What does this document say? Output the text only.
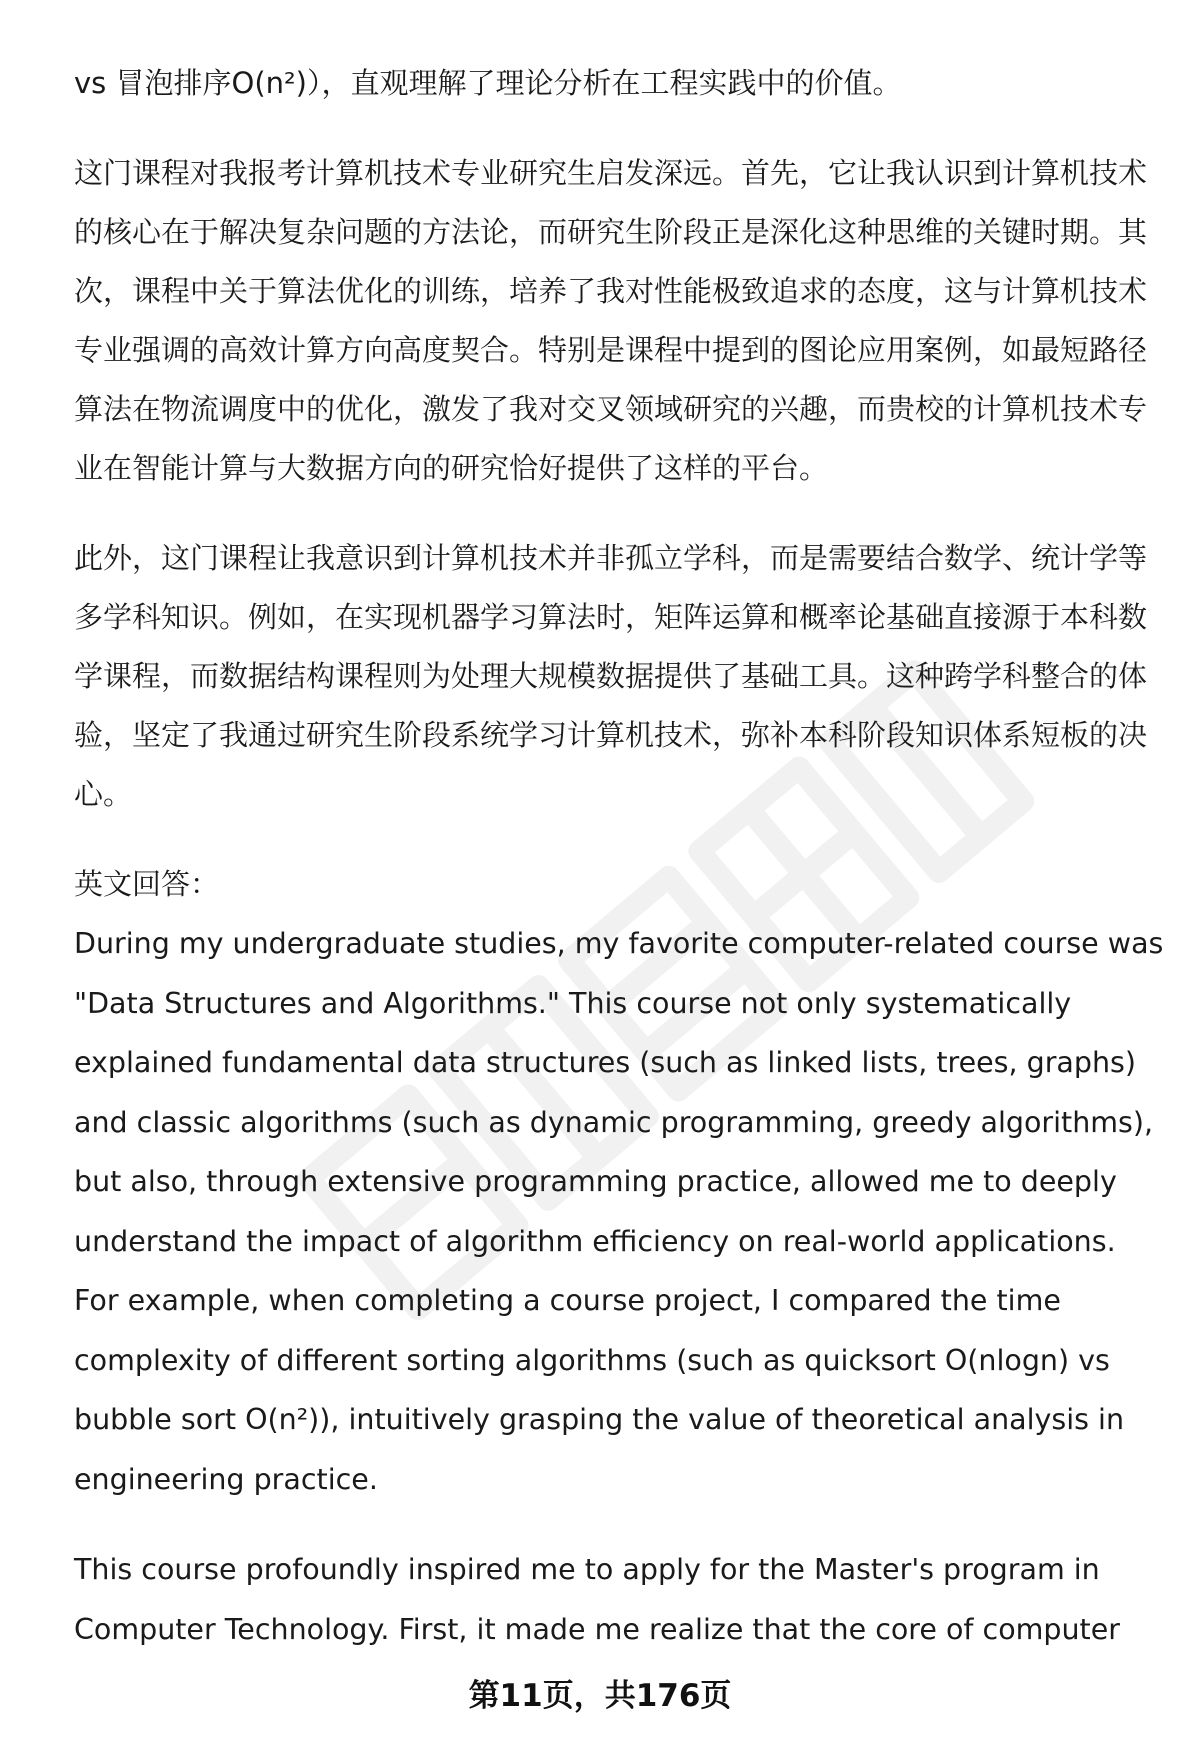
vs 冒泡排序O(n²)），直观理解了理论分析在工程实践中的价值。

这门课程对我报考计算机技术专业研究生启发深远。首先，它让我认识到计算机技术的核心在于解决复杂问题的方法论，而研究生阶段正是深化这种思维的关键时期。其次，课程中关于算法优化的训练，培养了我对性能极致追求的态度，这与计算机技术专业强调的高效计算方向高度契合。特别是课程中提到的图论应用案例，如最短路径算法在物流调度中的优化，激发了我对交叉领域研究的兴趣，而贵校的计算机技术专业在智能计算与大数据方向的研究恰好提供了这样的平台。

此外，这门课程让我意识到计算机技术并非孤立学科，而是需要结合数学、统计学等多学科知识。例如，在实现机器学习算法时，矩阵运算和概率论基础直接源于本科数学课程，而数据结构课程则为处理大规模数据提供了基础工具。这种跨学科整合的体验，坚定了我通过研究生阶段系统学习计算机技术，弥补本科阶段知识体系短板的决心。

英文回答：

During my undergraduate studies, my favorite computer-related course was "Data Structures and Algorithms." This course not only systematically explained fundamental data structures (such as linked lists, trees, graphs) and classic algorithms (such as dynamic programming, greedy algorithms), but also, through extensive programming practice, allowed me to deeply understand the impact of algorithm efficiency on real-world applications. For example, when completing a course project, I compared the time complexity of different sorting algorithms (such as quicksort O(nlogn) vs bubble sort O(n²)), intuitively grasping the value of theoretical analysis in engineering practice.

This course profoundly inspired me to apply for the Master's program in Computer Technology. First, it made me realize that the core of computer

第11页，共176页
